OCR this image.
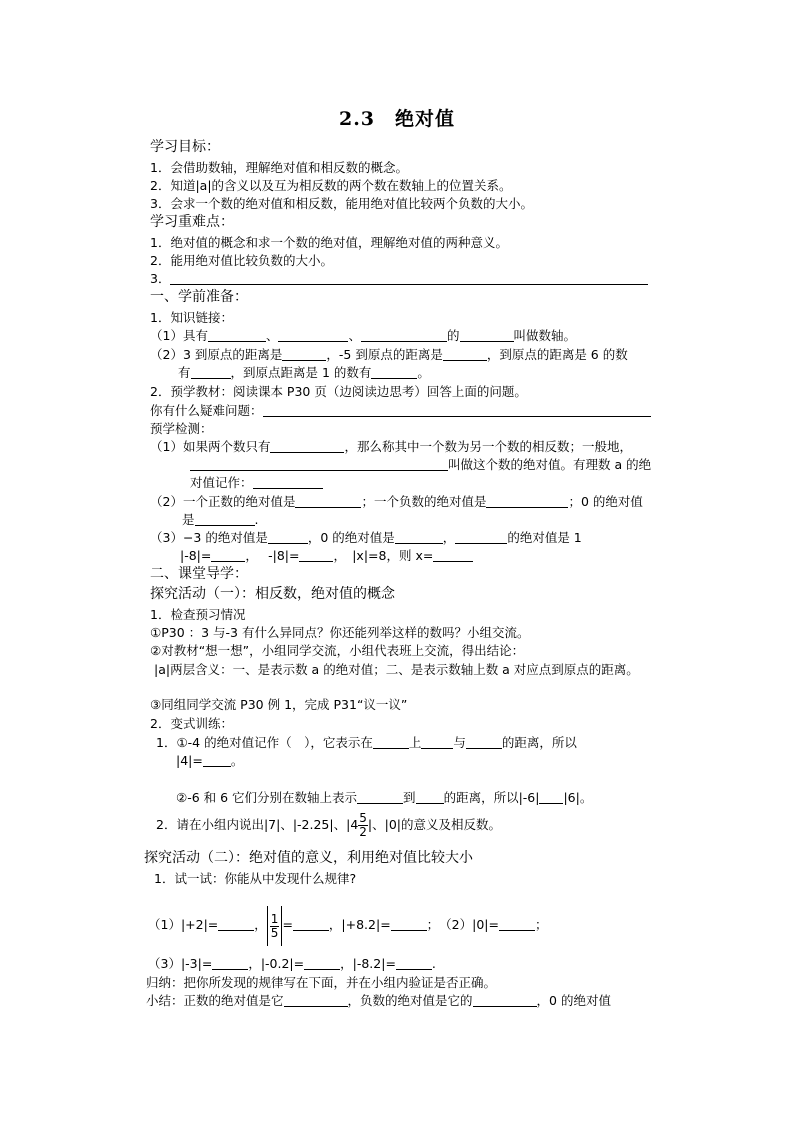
2.3　绝对值
学习目标：
1．会借助数轴，理解绝对值和相反数的概念。
2．知道|a|的含义以及互为相反数的两个数在数轴上的位置关系。
3．会求一个数的绝对值和相反数，能用绝对值比较两个负数的大小。
学习重难点：
1．绝对值的概念和求一个数的绝对值，理解绝对值的两种意义。
2．能用绝对值比较负数的大小。
3．
一、学前准备：
1．知识链接：
（1）具有	、	、	的	叫做数轴。
（2）3 到原点的距离是	，-5 到原点的距离是	，到原点的距离是 6 的数
有	，到原点距离是 1 的数有	。
2．预学教材：阅读课本 P30 页（边阅读边思考）回答上面的问题。
你有什么疑难问题：
预学检测：
（1）如果两个数只有	，那么称其中一个数为另一个数的相反数；一般地，
叫做这个数的绝对值。有理数 a 的绝
对值记作：
（2）一个正数的绝对值是	；一个负数的绝对值是	；0 的绝对值
是	.
（3）−3 的绝对值是	，0 的绝对值是	，	的绝对值是 1
|-8|=	，　 -|8|=	，　|x|=8，则 x=
二、课堂导学：
探究活动（一）：相反数，绝对值的概念
1．检查预习情况
①P30 ：3 与-3 有什么异同点？你还能列举这样的数吗？小组交流。
②对教材“想一想”，小组同学交流，小组代表班上交流，得出结论：
|a|两层含义：一、是表示数 a 的绝对值；二、是表示数轴上数 a 对应点到原点的距离。
③同组同学交流 P30 例 1，完成 P31“议一议”
2．变式训练：
1．①-4 的绝对值记作（　），它表示在	上	与	的距离，所以
|4|= 。
②-6 和 6 它们分别在数轴上表示	到 的距离，所以|-6| |6|。
2．请在小组内说出|7|、|-2.25|、$|4 \frac{5}{2}$ |、|0|的意义及相反数。
探究活动（二）：绝对值的意义，利用绝对值比较大小
1．试一试：你能从中发现什么规律?
（1）|+2|=	， $\frac{1}{5}$ =	，|+8.2|=	；　（2）|0|=	；
（3）|-3|=	，|-0.2|=	，|-8.2|=	.
归纳：把你所发现的规律写在下面，并在小组内验证是否正确。
小结：正数的绝对值是它	，负数的绝对值是它的	，0 的绝对值
